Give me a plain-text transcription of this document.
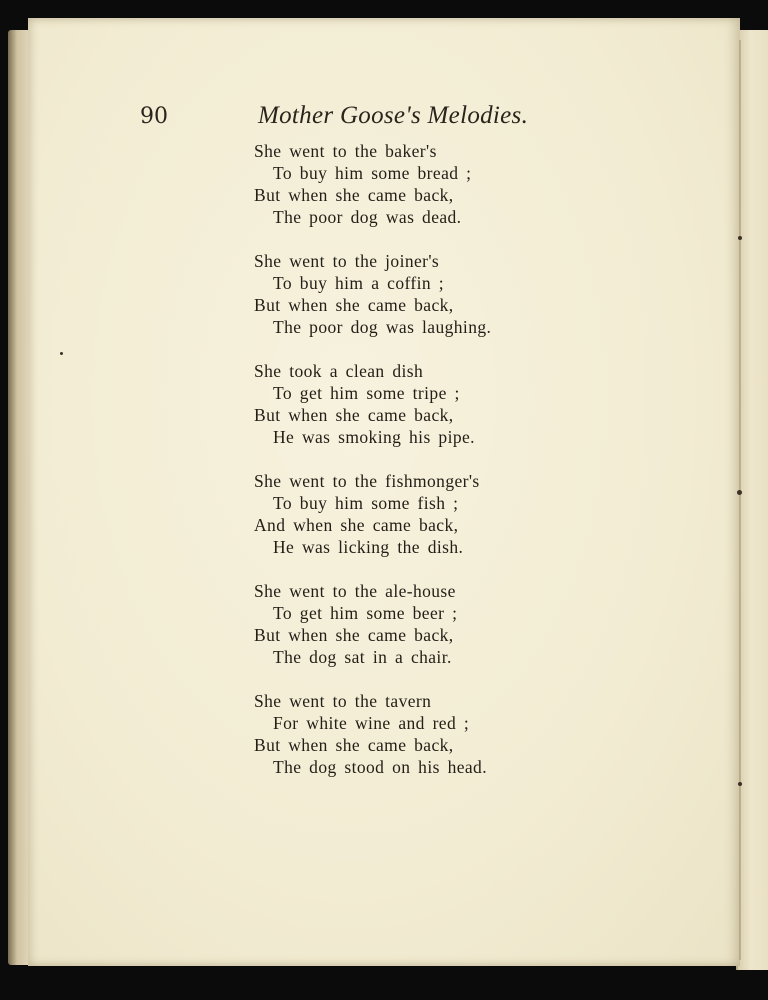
90	Mother Goose's Melodies.
She went to the baker's
To buy him some bread ;
But when she came back,
The poor dog was dead.
She went to the joiner's
To buy him a coffin ;
But when she came back,
The poor dog was laughing.
She took a clean dish
To get him some tripe ;
But when she came back,
He was smoking his pipe.
She went to the fishmonger's
To buy him some fish ;
And when she came back,
He was licking the dish.
She went to the ale-house
To get him some beer ;
But when she came back,
The dog sat in a chair.
She went to the tavern
For white wine and red ;
But when she came back,
The dog stood on his head.
